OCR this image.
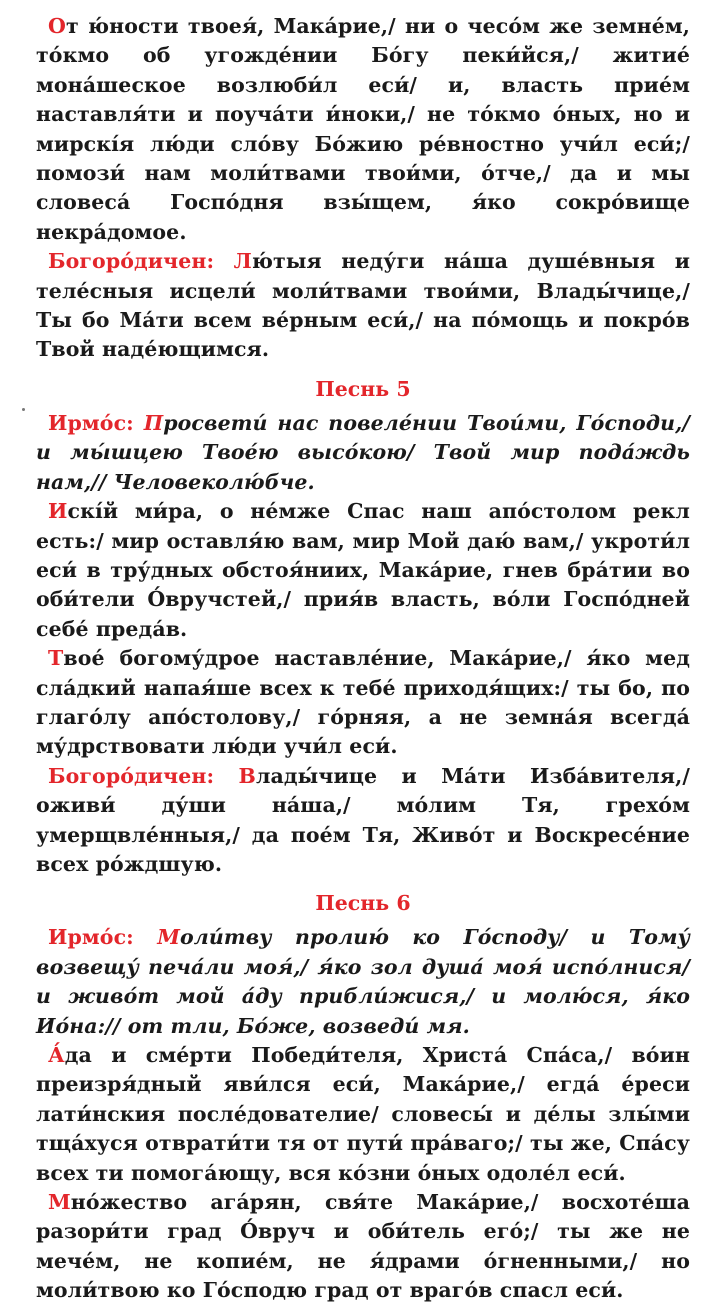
От ю́ности твоея́, Мака́рие,/ ни о чесо́м же земне́м, то́кмо об угожде́нии Бо́гу пеки́йся,/ житие́ мона́шеское возлюби́л еси́/ и, власть прие́м наставля́ти и поуча́ти и́ноки,/ не то́кмо о́ных, но и мирскі́я лю́ди сло́ву Бо́жию ре́вностно учи́л еси́;/ помози́ нам моли́твами твои́ми, о́тче,/ да и мы словеса́ Госпо́дня взы́щем, я́ко сокро́вище некра́домое.

Богоро́дичен: Лю́тыя неду́ги на́ша душе́вныя и теле́сныя исцели́ моли́твами твои́ми, Влады́чице,/ Ты бо Ма́ти всем ве́рным еси́,/ на по́мощь и покро́в Твой наде́ющимся.

Песнь 5

Ирмо́с: Просвети́ нас повеле́нии Твои́ми, Го́споди,/ и мы́шцею Твое́ю высо́кою/ Твой мир пода́ждь нам,// Человеколю́бче.

Искі́й ми́ра, о не́мже Спас наш апо́столом рекл есть:/ мир оставля́ю вам, мир Мой даю́ вам,/ укроти́л еси́ в тру́дных обстоя́ниих, Мака́рие, гнев бра́тии во оби́тели О́вручстей,/ прия́в власть, во́ли Госпо́дней себе́ преда́в.

Твое́ богому́дрое наставле́ние, Мака́рие,/ я́ко мед сла́дкий напая́ше всех к тебе́ приходя́щих:/ ты бо, по глаго́лу апо́столову,/ го́рняя, а не земна́я всегда́ му́дрствовати лю́ди учи́л еси́.

Богоро́дичен: Влады́чице и Ма́ти Изба́вителя,/ оживи́ ду́ши на́ша,/ мо́лим Тя, грехо́м умерщвле́нныя,/ да пое́м Тя, Живо́т и Воскресе́ние всех ро́ждшую.

Песнь 6

Ирмо́с: Моли́тву пролию́ ко Го́споду/ и Тому́ возвещу́ печа́ли моя́,/ я́ко зол душа́ моя́ испо́лнися/ и живо́т мой а́ду прибли́жися,/ и молю́ся, я́ко Ио́на:// от тли, Бо́же, возведи́ мя.

А́да и сме́рти Победи́теля, Христа́ Спа́са,/ во́ин преизря́дный яви́лся еси́, Мака́рие,/ егда́ е́реси лати́нския после́дователие/ словесы́ и де́лы злы́ми тща́хуся отврати́ти тя от пути́ пра́ваго;/ ты же, Спа́су всех ти помога́ющу, вся ко́зни о́ных одоле́л еси́.

Мно́жество ага́рян, свя́те Мака́рие,/ восхоте́ша разори́ти град О́вруч и оби́тель его́;/ ты же не мече́м, не копие́м, не я́драми о́гненными,/ но моли́твою ко Го́сподю град от враго́в спасл еси́.
